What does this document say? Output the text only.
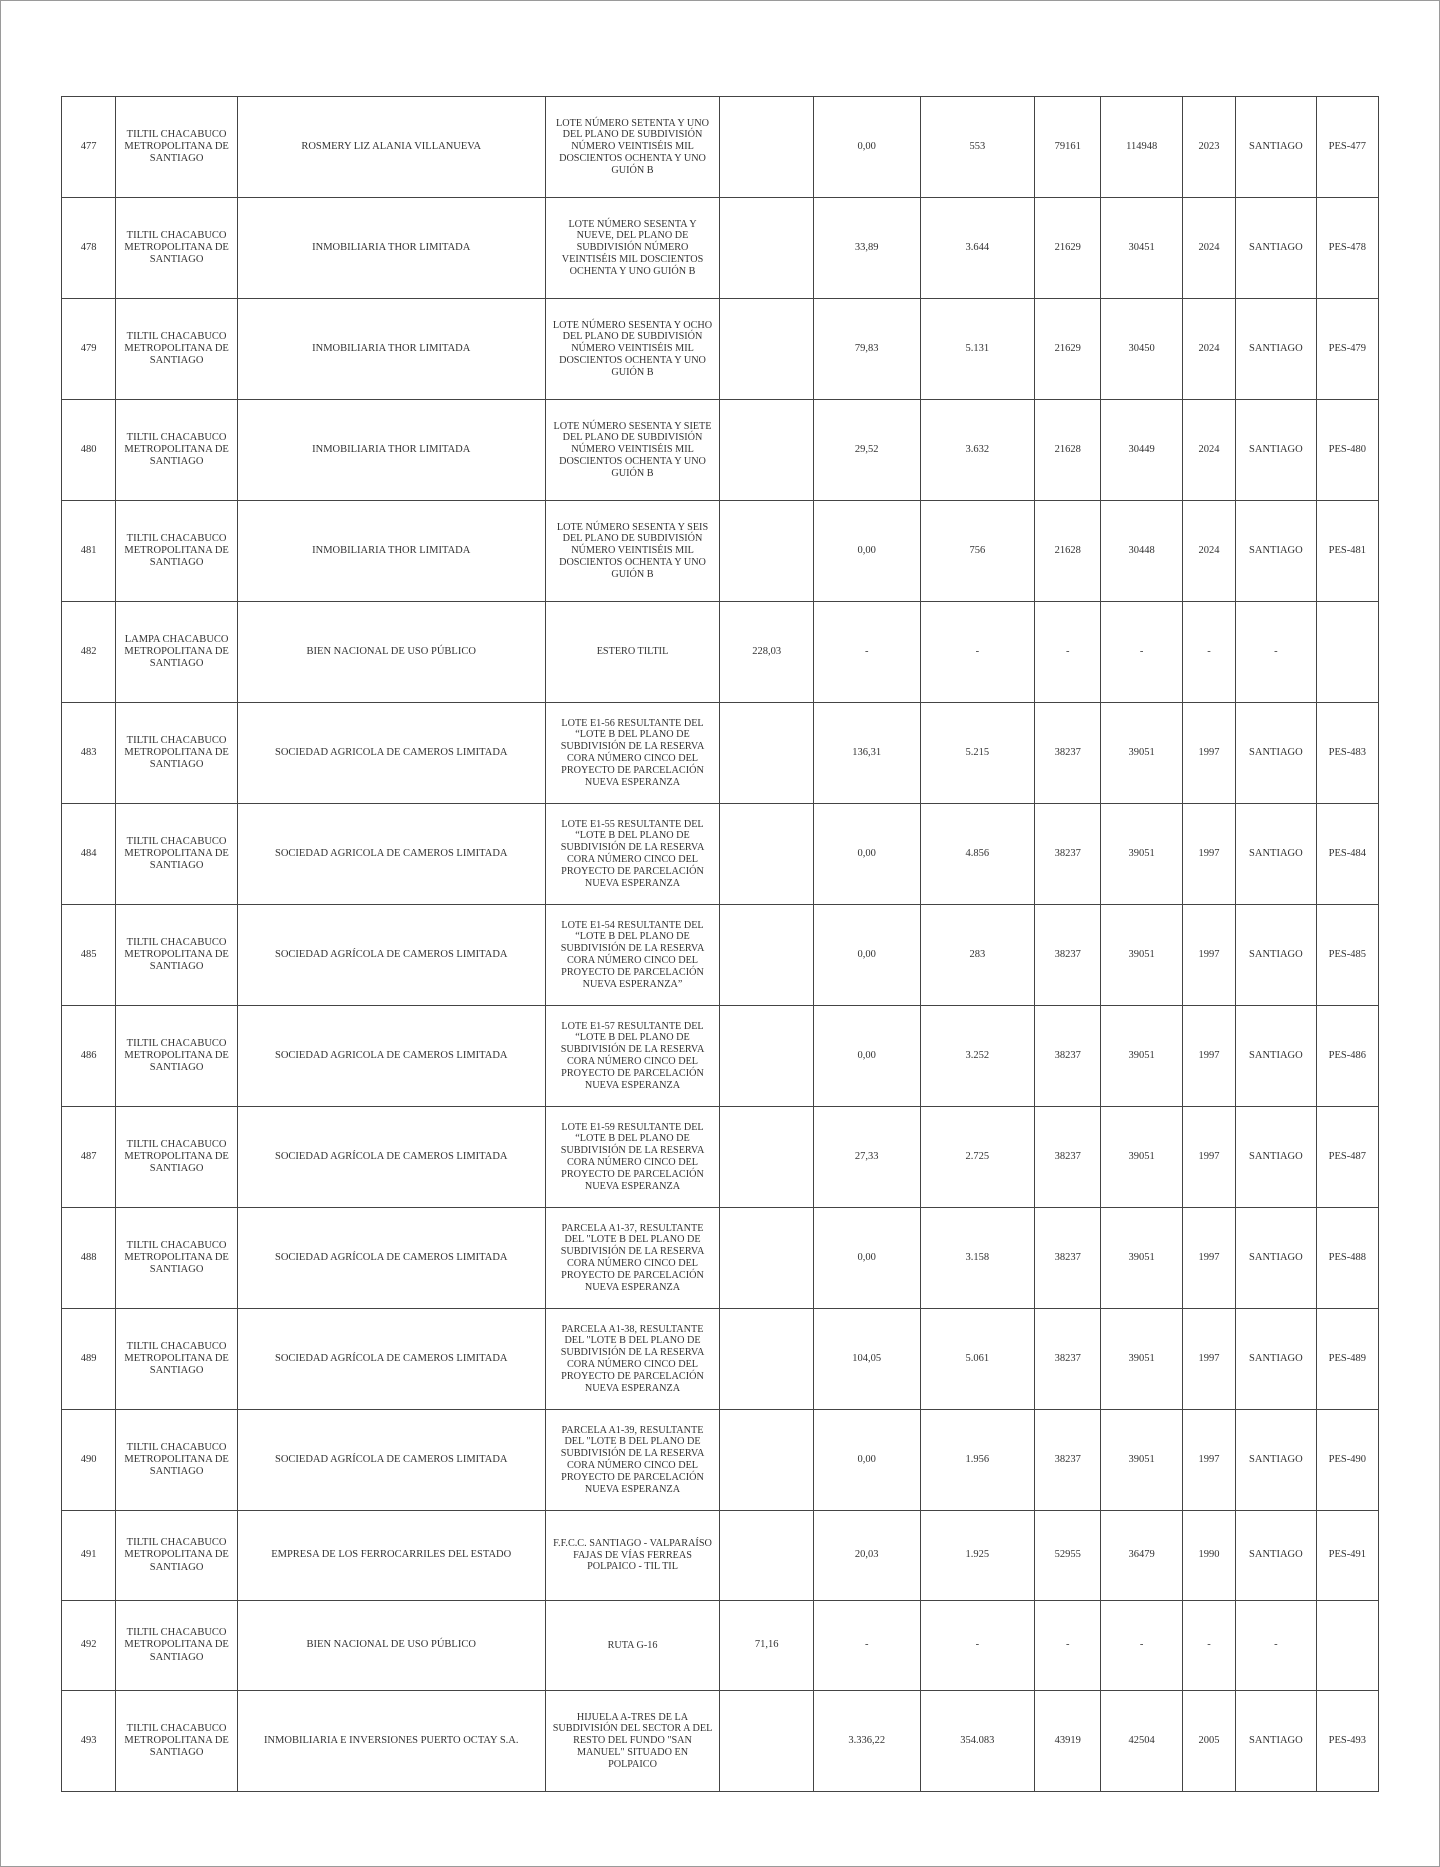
477	TILTIL CHACABUCO METROPOLITANA DE SANTIAGO	ROSMERY LIZ ALANIA VILLANUEVA	LOTE NÚMERO SETENTA Y UNO DEL PLANO DE SUBDIVISIÓN NÚMERO VEINTISÉIS MIL DOSCIENTOS OCHENTA Y UNO GUIÓN B		0,00	553	79161	114948	2023	SANTIAGO	PES-477
478	TILTIL CHACABUCO METROPOLITANA DE SANTIAGO	INMOBILIARIA THOR LIMITADA	LOTE NÚMERO SESENTA Y NUEVE, DEL PLANO DE SUBDIVISIÓN NÚMERO VEINTISÉIS MIL DOSCIENTOS OCHENTA Y UNO GUIÓN B		33,89	3.644	21629	30451	2024	SANTIAGO	PES-478
479	TILTIL CHACABUCO METROPOLITANA DE SANTIAGO	INMOBILIARIA THOR LIMITADA	LOTE NÚMERO SESENTA Y OCHO DEL PLANO DE SUBDIVISIÓN NÚMERO VEINTISÉIS MIL DOSCIENTOS OCHENTA Y UNO GUIÓN B		79,83	5.131	21629	30450	2024	SANTIAGO	PES-479
480	TILTIL CHACABUCO METROPOLITANA DE SANTIAGO	INMOBILIARIA THOR LIMITADA	LOTE NÚMERO SESENTA Y SIETE DEL PLANO DE SUBDIVISIÓN NÚMERO VEINTISÉIS MIL DOSCIENTOS OCHENTA Y UNO GUIÓN B		29,52	3.632	21628	30449	2024	SANTIAGO	PES-480
481	TILTIL CHACABUCO METROPOLITANA DE SANTIAGO	INMOBILIARIA THOR LIMITADA	LOTE NÚMERO SESENTA Y SEIS DEL PLANO DE SUBDIVISIÓN NÚMERO VEINTISÉIS MIL DOSCIENTOS OCHENTA Y UNO GUIÓN B		0,00	756	21628	30448	2024	SANTIAGO	PES-481
482	LAMPA CHACABUCO METROPOLITANA DE SANTIAGO	BIEN NACIONAL DE USO PÚBLICO	ESTERO TILTIL	228,03	-	-	-	-	-	-	
483	TILTIL CHACABUCO METROPOLITANA DE SANTIAGO	SOCIEDAD AGRICOLA DE CAMEROS LIMITADA	LOTE E1-56 RESULTANTE DEL “LOTE B DEL PLANO DE SUBDIVISIÓN DE LA RESERVA CORA NÚMERO CINCO DEL PROYECTO DE PARCELACIÓN NUEVA ESPERANZA		136,31	5.215	38237	39051	1997	SANTIAGO	PES-483
484	TILTIL CHACABUCO METROPOLITANA DE SANTIAGO	SOCIEDAD AGRICOLA DE CAMEROS LIMITADA	LOTE E1-55 RESULTANTE DEL “LOTE B DEL PLANO DE SUBDIVISIÓN DE LA RESERVA CORA NÚMERO CINCO DEL PROYECTO DE PARCELACIÓN NUEVA ESPERANZA		0,00	4.856	38237	39051	1997	SANTIAGO	PES-484
485	TILTIL CHACABUCO METROPOLITANA DE SANTIAGO	SOCIEDAD AGRÍCOLA DE CAMEROS LIMITADA	LOTE E1-54 RESULTANTE DEL “LOTE B DEL PLANO DE SUBDIVISIÓN DE LA RESERVA CORA NÚMERO CINCO DEL PROYECTO DE PARCELACIÓN NUEVA ESPERANZA”		0,00	283	38237	39051	1997	SANTIAGO	PES-485
486	TILTIL CHACABUCO METROPOLITANA DE SANTIAGO	SOCIEDAD AGRICOLA DE CAMEROS LIMITADA	LOTE E1-57 RESULTANTE DEL “LOTE B DEL PLANO DE SUBDIVISIÓN DE LA RESERVA CORA NÚMERO CINCO DEL PROYECTO DE PARCELACIÓN NUEVA ESPERANZA		0,00	3.252	38237	39051	1997	SANTIAGO	PES-486
487	TILTIL CHACABUCO METROPOLITANA DE SANTIAGO	SOCIEDAD AGRÍCOLA DE CAMEROS LIMITADA	LOTE E1-59 RESULTANTE DEL “LOTE B DEL PLANO DE SUBDIVISIÓN DE LA RESERVA CORA NÚMERO CINCO DEL PROYECTO DE PARCELACIÓN NUEVA ESPERANZA		27,33	2.725	38237	39051	1997	SANTIAGO	PES-487
488	TILTIL CHACABUCO METROPOLITANA DE SANTIAGO	SOCIEDAD AGRÍCOLA DE CAMEROS LIMITADA	PARCELA A1-37, RESULTANTE DEL "LOTE B DEL PLANO DE SUBDIVISIÓN DE LA RESERVA CORA NÚMERO CINCO DEL PROYECTO DE PARCELACIÓN NUEVA ESPERANZA		0,00	3.158	38237	39051	1997	SANTIAGO	PES-488
489	TILTIL CHACABUCO METROPOLITANA DE SANTIAGO	SOCIEDAD AGRÍCOLA DE CAMEROS LIMITADA	PARCELA A1-38, RESULTANTE DEL "LOTE B DEL PLANO DE SUBDIVISIÓN DE LA RESERVA CORA NÚMERO CINCO DEL PROYECTO DE PARCELACIÓN NUEVA ESPERANZA		104,05	5.061	38237	39051	1997	SANTIAGO	PES-489
490	TILTIL CHACABUCO METROPOLITANA DE SANTIAGO	SOCIEDAD AGRÍCOLA DE CAMEROS LIMITADA	PARCELA A1-39, RESULTANTE DEL "LOTE B DEL PLANO DE SUBDIVISIÓN DE LA RESERVA CORA NÚMERO CINCO DEL PROYECTO DE PARCELACIÓN NUEVA ESPERANZA		0,00	1.956	38237	39051	1997	SANTIAGO	PES-490
491	TILTIL CHACABUCO METROPOLITANA DE SANTIAGO	EMPRESA DE LOS FERROCARRILES DEL ESTADO	F.F.C.C. SANTIAGO - VALPARAÍSO FAJAS DE VÍAS FERREAS POLPAICO - TIL TIL		20,03	1.925	52955	36479	1990	SANTIAGO	PES-491
492	TILTIL CHACABUCO METROPOLITANA DE SANTIAGO	BIEN NACIONAL DE USO PÚBLICO	RUTA G-16	71,16	-	-	-	-	-	-	
493	TILTIL CHACABUCO METROPOLITANA DE SANTIAGO	INMOBILIARIA E INVERSIONES PUERTO OCTAY S.A.	HIJUELA A-TRES DE LA SUBDIVISIÓN DEL SECTOR A DEL RESTO DEL FUNDO "SAN MANUEL" SITUADO EN POLPAICO		3.336,22	354.083	43919	42504	2005	SANTIAGO	PES-493
